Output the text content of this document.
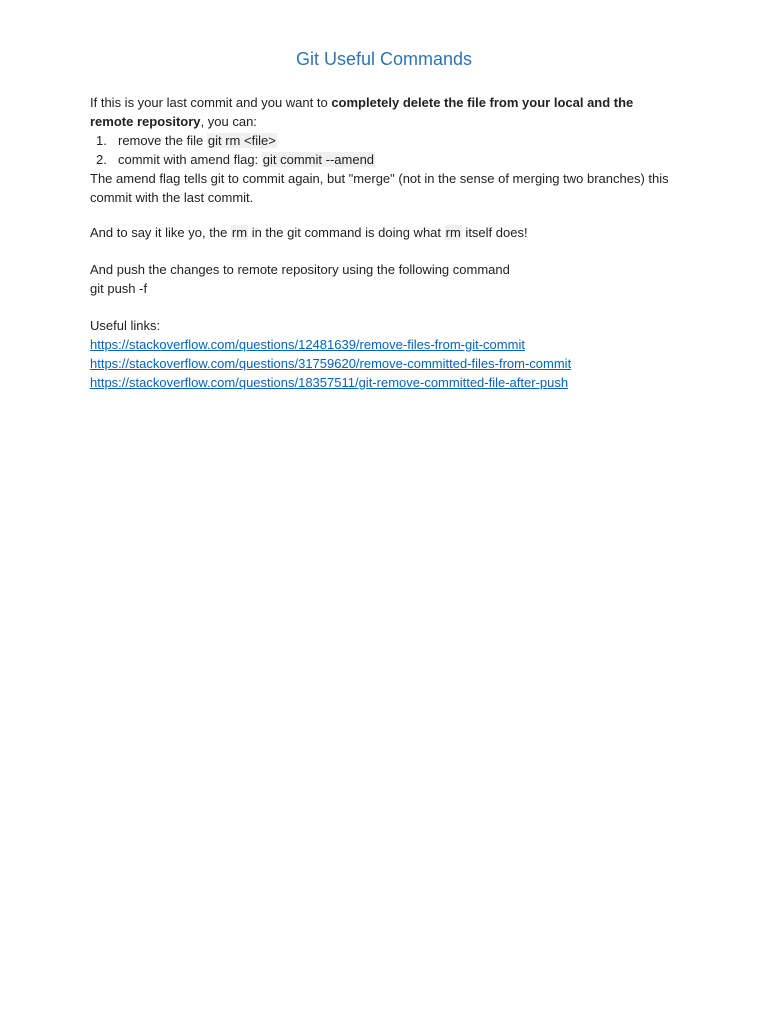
Git Useful Commands
If this is your last commit and you want to completely delete the file from your local and the remote repository, you can:
1. remove the file git rm <file>
2. commit with amend flag: git commit --amend
The amend flag tells git to commit again, but "merge" (not in the sense of merging two branches) this commit with the last commit.
And to say it like yo, the rm in the git command is doing what rm itself does!
And push the changes to remote repository using the following command
git push -f
Useful links:
https://stackoverflow.com/questions/12481639/remove-files-from-git-commit
https://stackoverflow.com/questions/31759620/remove-committed-files-from-commit
https://stackoverflow.com/questions/18357511/git-remove-committed-file-after-push
